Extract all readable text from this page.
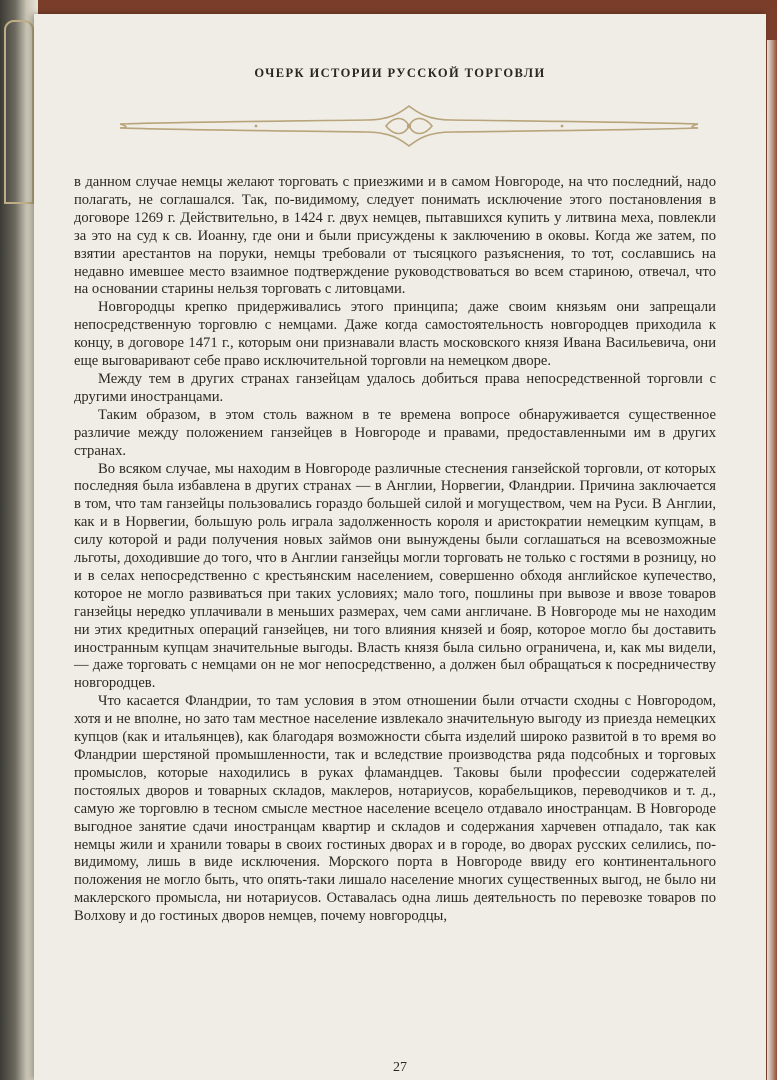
ОЧЕРК ИСТОРИИ РУССКОЙ ТОРГОВЛИ

в данном случае немцы желают торговать с приезжими и в самом Новгороде, на что последний, надо полагать, не соглашался. Так, по-видимому, следует понимать исключение этого постановления в договоре 1269 г. Действительно, в 1424 г. двух немцев, пытавшихся купить у литвина меха, повлекли за это на суд к св. Иоанну, где они и были присуждены к заключению в оковы. Когда же затем, по взятии арестантов на поруки, немцы требовали от тысяцкого разъяснения, то тот, сославшись на недавно имевшее место взаимное подтверждение руководствоваться во всем стариною, отвечал, что на основании старины нельзя торговать с литовцами.

Новгородцы крепко придерживались этого принципа; даже своим князьям они запрещали непосредственную торговлю с немцами. Даже когда самостоятельность новгородцев приходила к концу, в договоре 1471 г., которым они признавали власть московского князя Ивана Васильевича, они еще выговаривают себе право исключительной торговли на немецком дворе.

Между тем в других странах ганзейцам удалось добиться права непосредственной торговли с другими иностранцами.

Таким образом, в этом столь важном в те времена вопросе обнаруживается существенное различие между положением ганзейцев в Новгороде и правами, предоставленными им в других странах.

Во всяком случае, мы находим в Новгороде различные стеснения ганзейской торговли, от которых последняя была избавлена в других странах — в Англии, Норвегии, Фландрии. Причина заключается в том, что там ганзейцы пользовались гораздо большей силой и могуществом, чем на Руси. В Англии, как и в Норвегии, большую роль играла задолженность короля и аристократии немецким купцам, в силу которой и ради получения новых займов они вынуждены были соглашаться на всевозможные льготы, доходившие до того, что в Англии ганзейцы могли торговать не только с гостями в розницу, но и в селах непосредственно с крестьянским населением, совершенно обходя английское купечество, которое не могло развиваться при таких условиях; мало того, пошлины при вывозе и ввозе товаров ганзейцы нередко уплачивали в меньших размерах, чем сами англичане. В Новгороде мы не находим ни этих кредитных операций ганзейцев, ни того влияния князей и бояр, которое могло бы доставить иностранным купцам значительные выгоды. Власть князя была сильно ограничена, и, как мы видели, — даже торговать с немцами он не мог непосредственно, а должен был обращаться к посредничеству новгородцев.

Что касается Фландрии, то там условия в этом отношении были отчасти сходны с Новгородом, хотя и не вполне, но зато там местное население извлекало значительную выгоду из приезда немецких купцов (как и итальянцев), как благодаря возможности сбыта изделий широко развитой в то время во Фландрии шерстяной промышленности, так и вследствие производства ряда подсобных и торговых промыслов, которые находились в руках фламандцев. Таковы были профессии содержателей постоялых дворов и товарных складов, маклеров, нотариусов, корабельщиков, переводчиков и т. д., самую же торговлю в тесном смысле местное население всецело отдавало иностранцам. В Новгороде выгодное занятие сдачи иностранцам квартир и складов и содержания харчевен отпадало, так как немцы жили и хранили товары в своих гостиных дворах и в городе, во дворах русских селились, по-видимому, лишь в виде исключения. Морского порта в Новгороде ввиду его континентального положения не могло быть, что опять-таки лишало население многих существенных выгод, не было ни маклерского промысла, ни нотариусов. Оставалась одна лишь деятельность по перевозке товаров по Волхову и до гостиных дворов немцев, почему новгородцы,

27
